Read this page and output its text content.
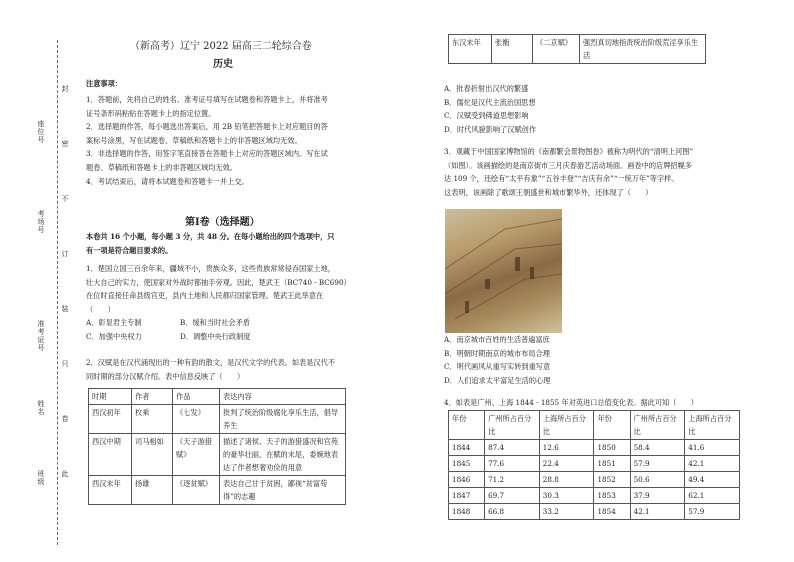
此
卷
只
装
订
不
密
封
班级
姓名
准考证号
考场号
座位号
（新高考）辽宁 2022 届高三二轮综合卷
历史
注意事项：
1．答题前，先将自己的姓名、准考证号填写在试题卷和答题卡上，并将准考
证号条形码粘贴在答题卡上的指定位置。
2．选择题的作答，每小题选出答案后，用 2B 铅笔把答题卡上对应题目的答
案标号涂黑，写在试题卷、草稿纸和答题卡上的非答题区域均无效。
3．非选择题的作答，用签字笔直接答在答题卡上对应的答题区域内。写在试
题卷、草稿纸和答题卡上的非答题区域均无效。
4．考试结束后，请将本试题卷和答题卡一并上交。
第Ⅰ卷（选择题）
本卷共 16 个小题，每小题 3 分，共 48 分。在每小题给出的四个选项中，只
有一项是符合题目要求的。
1．楚国立国三百余年来，疆域不小，贵族众多，这些贵族常常侵吞国家土地，
壮大自己的实力，使国家对外战时都抽手旁观。因此，楚武王（BC740 - BC690）
在位时直接任命县级官吏，县内土地和人民都归国家管理。楚武王此举意在
（　　）
A．彰显君主专制	B．缓和当时社会矛盾
C．加强中央权力	D．调整中央行政制度
2．汉赋是在汉代涌现出的一种有韵的散文，是汉代文学的代表。如表是汉代不
同时期的部分汉赋介绍。表中信息反映了（　　）
时期	作者	作品	表达内容
西汉初年	枚乘	《七发》	批判了统治阶级腐化享乐生活，倡导养生
西汉中期	司马相如	《天子游猎赋》	描述了诸侯、天子的游猎盛况和宫苑的豪华壮丽，在赋的末尾，委婉地表达了作者想奢劝俭的用意
西汉末年	扬雄	《逐贫赋》	表达自己甘于贫困，鄙视“贫富苟得”的志趣
东汉末年	张衡	《二京赋》	强烈真切地指责统治阶级荒淫享乐生活
A．批春折射出汉代的繁盛
B．儒佗是汉代主流治国思想
C．汉赋受到佛道思想影响
D．时代风貌影响了汉赋创作
3．观藏于中国国家博物馆的《南都繁会景物图卷》被称为明代的“清明上河图”
（如图）。该画描绘的是南京街市三月庆春游艺活动场面。画卷中的店牌招幌多
达 109 个，还绘有“太平有象”“五谷丰登”“吉庆有余”“一统万年”等字样。
这表明，该画除了歌颂王朝盛世和城市繁华外，还体现了（　　）
A．南京城市百姓的生活普遍富庶
B．明朝时期南京的城市布局合理
C．明代画风从重写实转到重写意
D．人们追求太平富足生活的心理
4．如表是广州、上海 1844 - 1855 年对英进口总值变化表。据此可知（　　）
年份	广州所占百分比	上海所占百分比	年份	广州所占百分比	上海所占百分比
1844	87.4	12.6	1850	58.4	41.6
1845	77.6	22.4	1851	57.9	42.1
1846	71.2	28.8	1852	50.6	49.4
1847	69.7	30.3	1853	37.9	62.1
1848	66.8	33.2	1854	42.1	57.9
